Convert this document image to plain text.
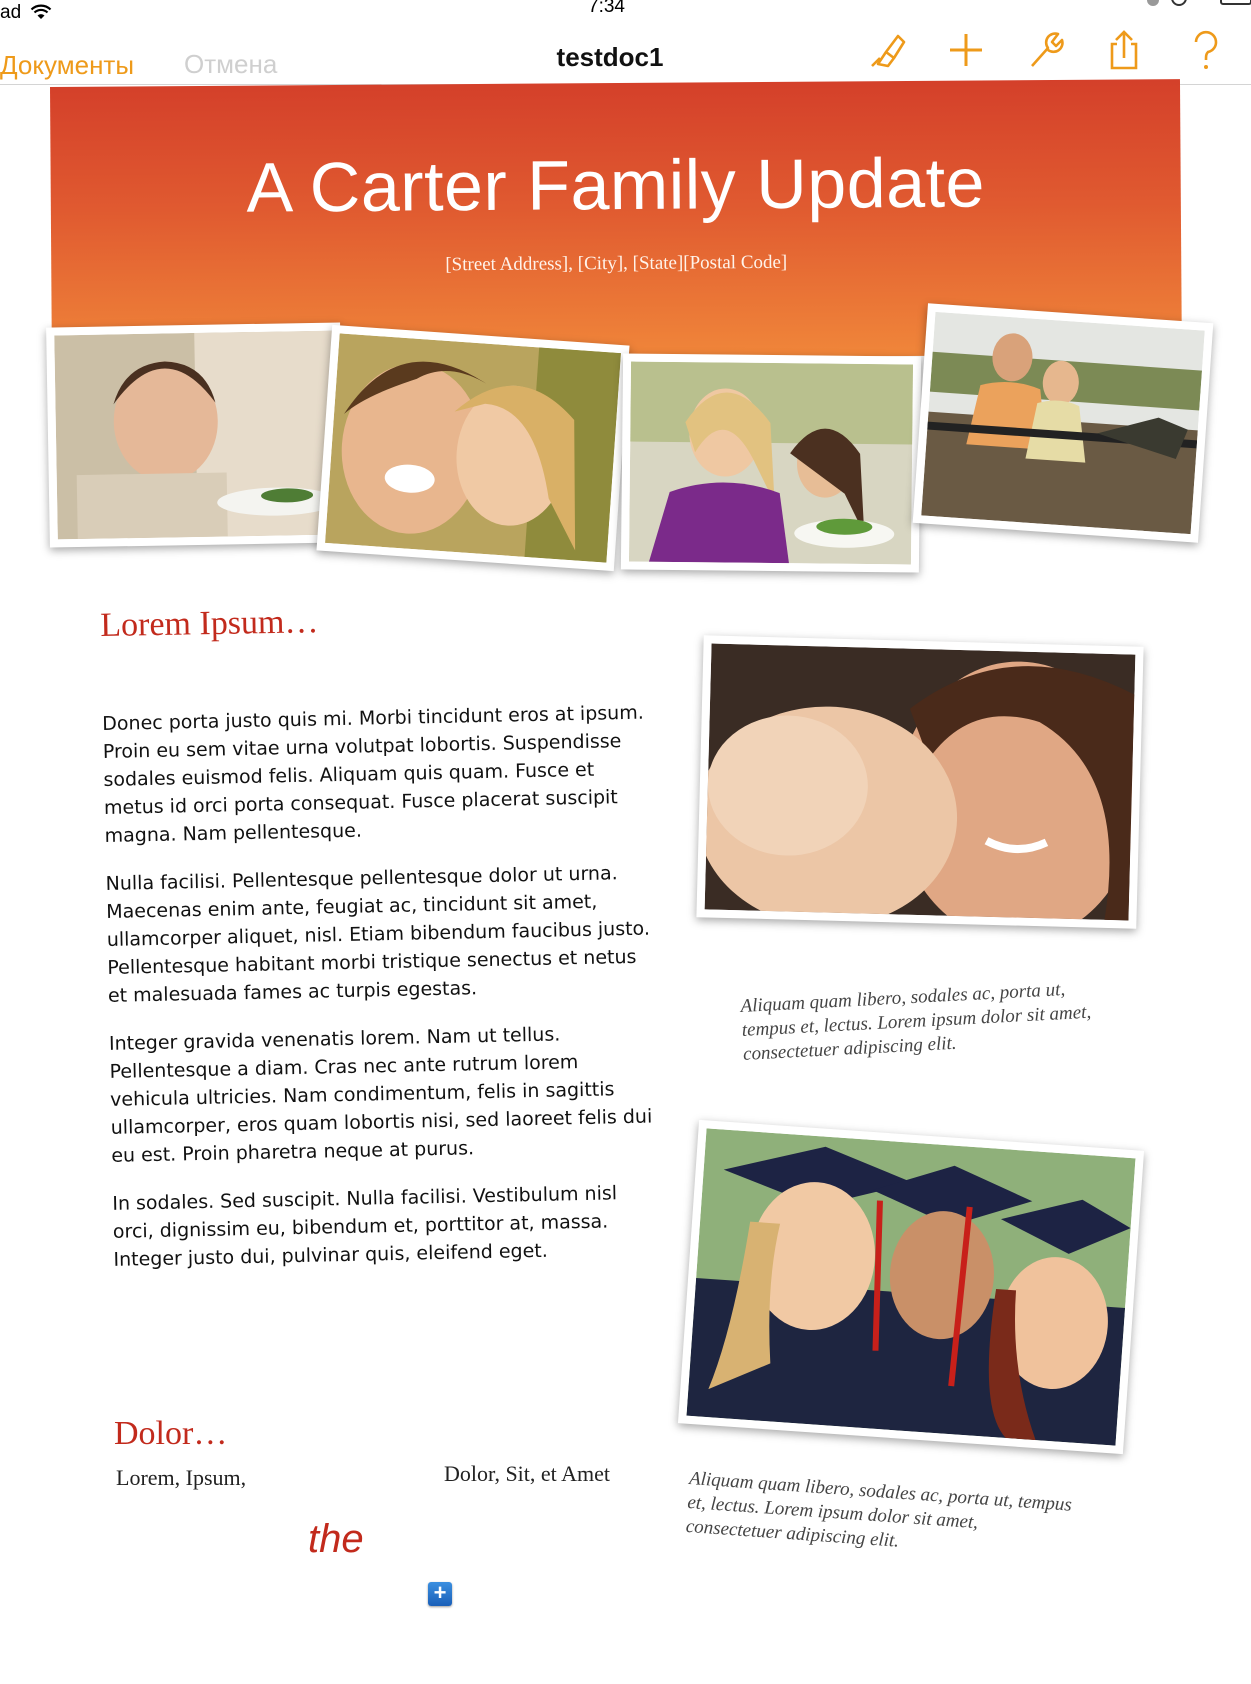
ad	7:34
Документы Отмена	testdoc1
A Carter Family Update
[Street Address], [City], [State][Postal Code]
Lorem Ipsum…

Donec porta justo quis mi. Morbi tincidunt eros at ipsum. Proin eu sem vitae urna volutpat lobortis. Suspendisse sodales euismod felis. Aliquam quis quam. Fusce et metus id orci porta consequat. Fusce placerat suscipit magna. Nam pellentesque.

Nulla facilisi. Pellentesque pellentesque dolor ut urna. Maecenas enim ante, feugiat ac, tincidunt sit amet, ullamcorper aliquet, nisl. Etiam bibendum faucibus justo. Pellentesque habitant morbi tristique senectus et netus et malesuada fames ac turpis egestas.

Integer gravida venenatis lorem. Nam ut tellus. Pellentesque a diam. Cras nec ante rutrum lorem vehicula ultricies. Nam condimentum, felis in sagittis ullamcorper, eros quam lobortis nisi, sed laoreet felis dui eu est. Proin pharetra neque at purus.

In sodales. Sed suscipit. Nulla facilisi. Vestibulum nisl orci, dignissim eu, bibendum et, porttitor at, massa. Integer justo dui, pulvinar quis, eleifend eget.

Aliquam quam libero, sodales ac, porta ut, tempus et, lectus. Lorem ipsum dolor sit amet, consectetuer adipiscing elit.
Aliquam quam libero, sodales ac, porta ut, tempus et, lectus. Lorem ipsum dolor sit amet, consectetuer adipiscing elit.
Dolor…
Lorem, Ipsum,	Dolor, Sit, et Amet
the
+
